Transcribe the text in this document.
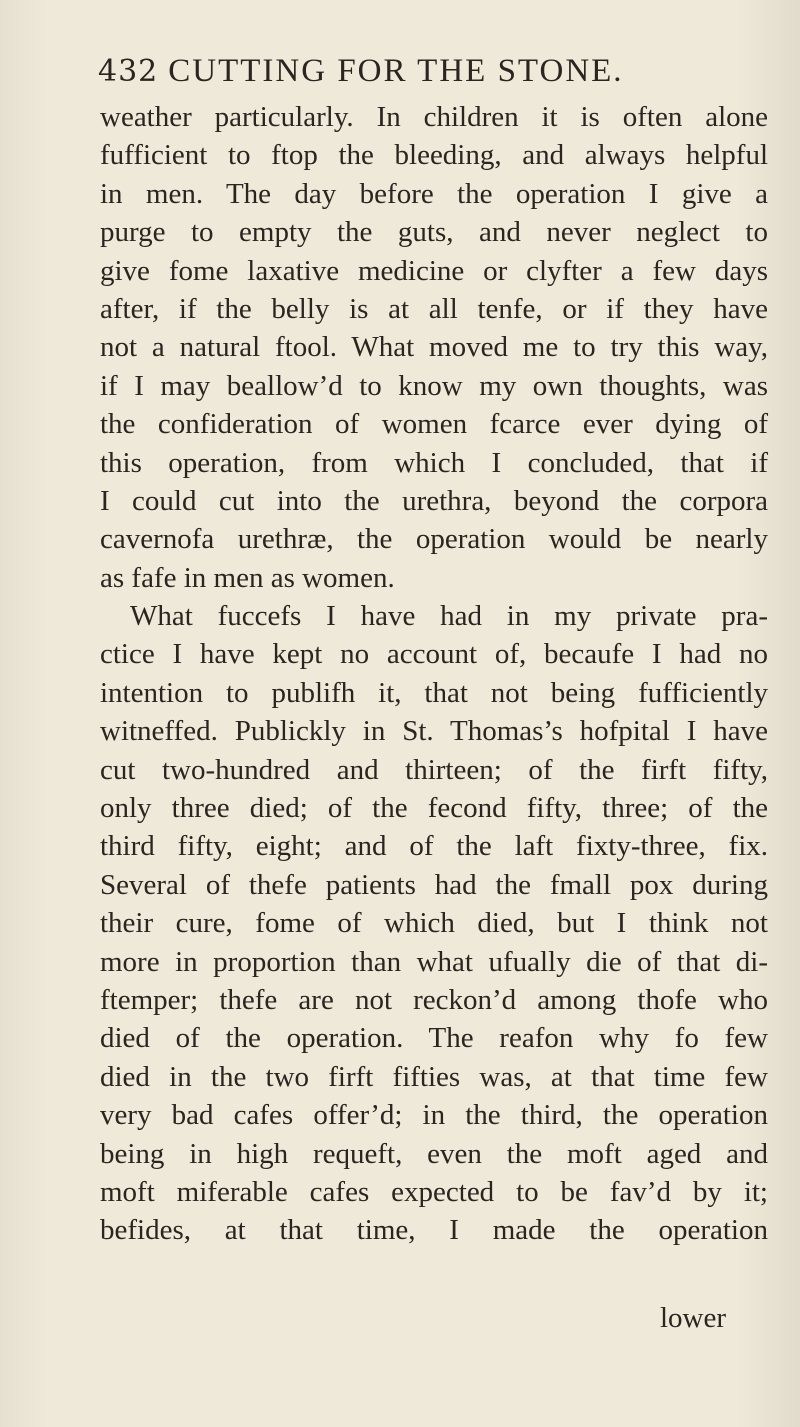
432 CUTTING FOR THE STONE.
weather particularly. In children it is often alone
fufficient to ftop the bleeding, and always helpful
in men. The day before the operation I give a
purge to empty the guts, and never neglect to
give fome laxative medicine or clyfter a few days
after, if the belly is at all tenfe, or if they have
not a natural ftool. What moved me to try this way,
if I may beallow’d to know my own thoughts, was
the confideration of women fcarce ever dying of
this operation, from which I concluded, that if
I could cut into the urethra, beyond the corpora
cavernofa urethræ, the operation would be nearly
as fafe in men as women.
What fuccefs I have had in my private pra-
ctice I have kept no account of, becaufe I had no
intention to publifh it, that not being fufficiently
witneffed. Publickly in St. Thomas’s hofpital I have
cut two-hundred and thirteen; of the firft fifty,
only three died; of the fecond fifty, three; of the
third fifty, eight; and of the laft fixty-three, fix.
Several of thefe patients had the fmall pox during
their cure, fome of which died, but I think not
more in proportion than what ufually die of that di-
ftemper; thefe are not reckon’d among thofe who
died of the operation. The reafon why fo few
died in the two firft fifties was, at that time few
very bad cafes offer’d; in the third, the operation
being in high requeft, even the moft aged and
moft miferable cafes expected to be fav’d by it;
befides, at that time, I made the operation
lower
